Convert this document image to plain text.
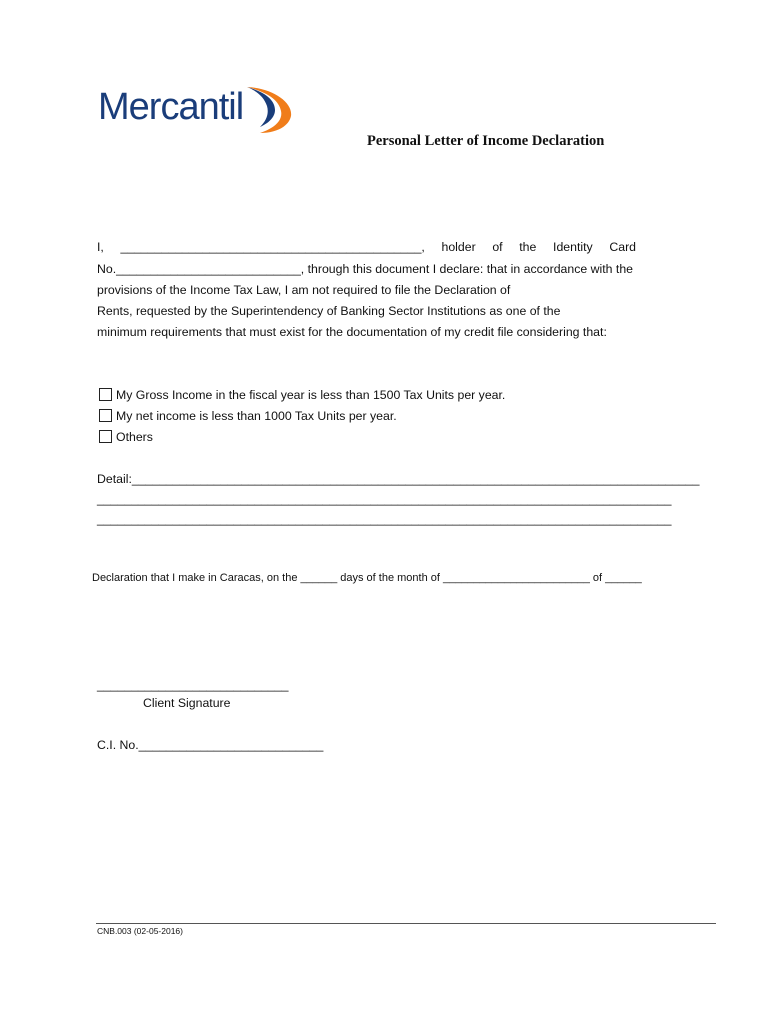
Mercantil
Personal Letter of Income Declaration
I, ____________________________________________, holder of the Identity Card
No.___________________________, through this document I declare: that in accordance with the
provisions of the Income Tax Law, I am not required to file the Declaration of
Rents, requested by the Superintendency of Banking Sector Institutions as one of the
minimum requirements that must exist for the documentation of my credit file considering that:
My Gross Income in the fiscal year is less than 1500 Tax Units per year.
My net income is less than 1000 Tax Units per year.
Others
Detail:___________________________________________________________________________________
____________________________________________________________________________________
____________________________________________________________________________________
Declaration that I make in Caracas, on the ______ days of the month of ________________________ of ______
____________________________
Client Signature
C.I. No.___________________________
CNB.003 (02-05-2016)
